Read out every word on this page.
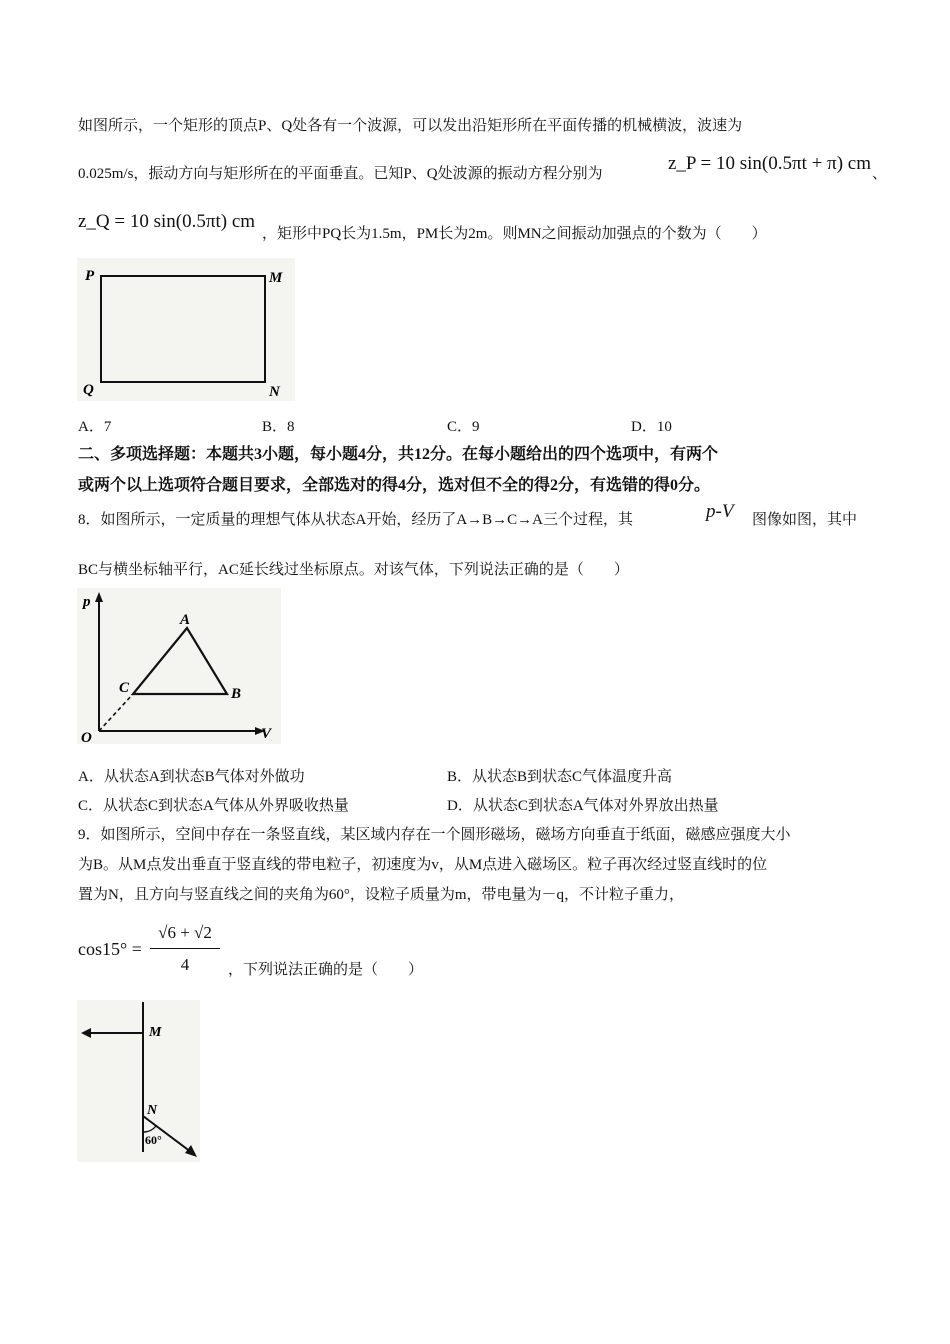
如图所示，一个矩形的顶点P、Q处各有一个波源，可以发出沿矩形所在平面传播的机械横波，波速为
0.025m/s，振动方向与矩形所在的平面垂直。已知P、Q处波源的振动方程分别为	z_P = 10 sin(0.5πt + π) cm 、
z_Q = 10 sin(0.5πt) cm
，矩形中PQ长为1.5m，PM长为2m。则MN之间振动加强点的个数为（　　）
P	M
Q	N
A．7	B．8	C．9	D．10
二、多项选择题：本题共3小题，每小题4分，共12分。在每小题给出的四个选项中，有两个
或两个以上选项符合题目要求，全部选对的得4分，选对但不全的得2分，有选错的得0分。
8．如图所示，一定质量的理想气体从状态A开始，经历了A→B→C→A三个过程，其	p-V 图像如图，其中
BC与横坐标轴平行，AC延长线过坐标原点。对该气体，下列说法正确的是（　　）
p
V
O
A
B
C
A．从状态A到状态B气体对外做功	B．从状态B到状态C气体温度升高
C．从状态C到状态A气体从外界吸收热量	D．从状态C到状态A气体对外界放出热量
9．如图所示，空间中存在一条竖直线，某区域内存在一个圆形磁场，磁场方向垂直于纸面，磁感应强度大小
为B。从M点发出垂直于竖直线的带电粒子，初速度为v，从M点进入磁场区。粒子再次经过竖直线时的位
置为N，且方向与竖直线之间的夹角为60°，设粒子质量为m，带电量为－q，不计粒子重力，
cos15° =
√6 + √2
4	，下列说法正确的是（　　）
M
N
60°
